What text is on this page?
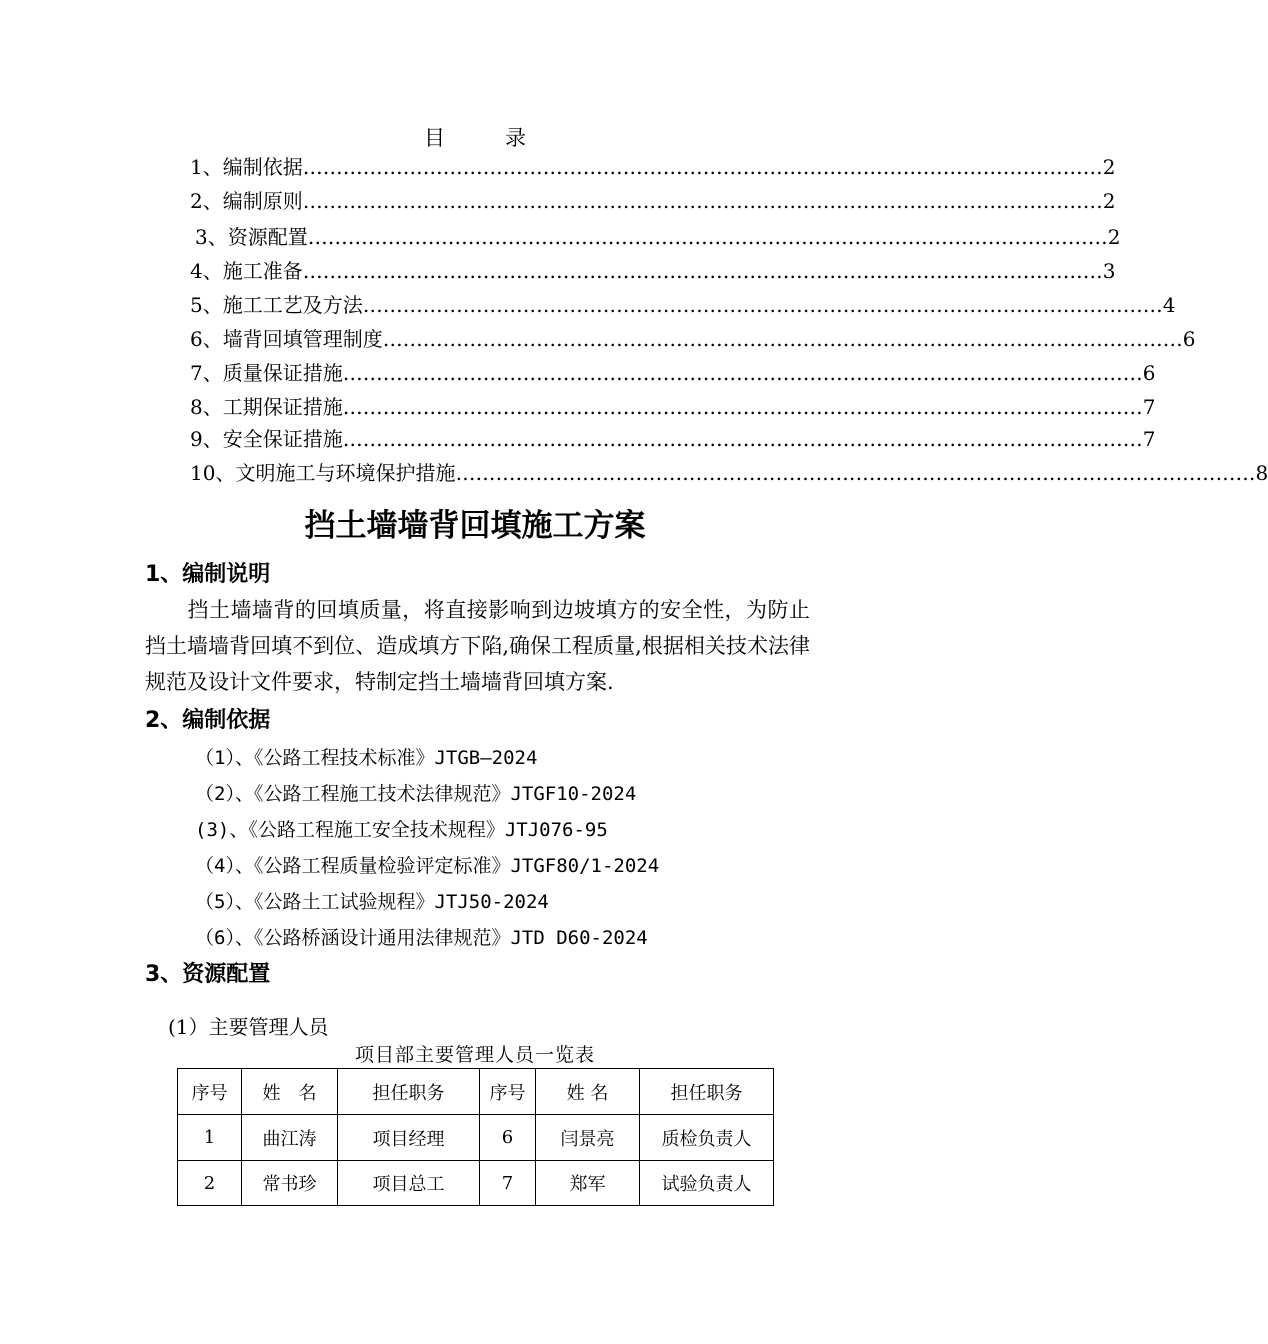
目	录
1、编制依据 ………………………………………………………………………………………………………… 2
2、编制原则 ………………………………………………………………………………………………………… 2
3、资源配置 ………………………………………………………………………………………………………… 2
4、施工准备 ………………………………………………………………………………………………………… 3
5、施工工艺及方法 ………………………………………………………………………………………………………… 4
6、墙背回填管理制度 ………………………………………………………………………………………………………… 6
7、质量保证措施 ………………………………………………………………………………………………………… 6
8、工期保证措施 ………………………………………………………………………………………………………… 7
9、安全保证措施 ………………………………………………………………………………………………………… 7
10、文明施工与环境保护措施 ………………………………………………………………………………………………………… 8
挡土墙墙背回填施工方案
1、编制说明
挡土墙墙背的回填质量，将直接影响到边坡填方的安全性，为防止挡土墙墙背回填不到位、造成填方下陷,确保工程质量,根据相关技术法律规范及设计文件要求，特制定挡土墙墙背回填方案.
2、编制依据
（1）、《公路工程技术标准》JTGB—2024
（2）、《公路工程施工技术法律规范》JTGF10-2024
(3)、《公路工程施工安全技术规程》JTJ076-95
（4）、《公路工程质量检验评定标准》JTGF80/1-2024
（5）、《公路土工试验规程》JTJ50-2024
（6）、《公路桥涵设计通用法律规范》JTD D60-2024
3、资源配置
(1）主要管理人员
项目部主要管理人员一览表
序号	姓　名	担任职务	序号	姓 名	担任职务
1	曲江涛	项目经理	6	闫景亮	质检负责人
2	常书珍	项目总工	7	郑军	试验负责人
